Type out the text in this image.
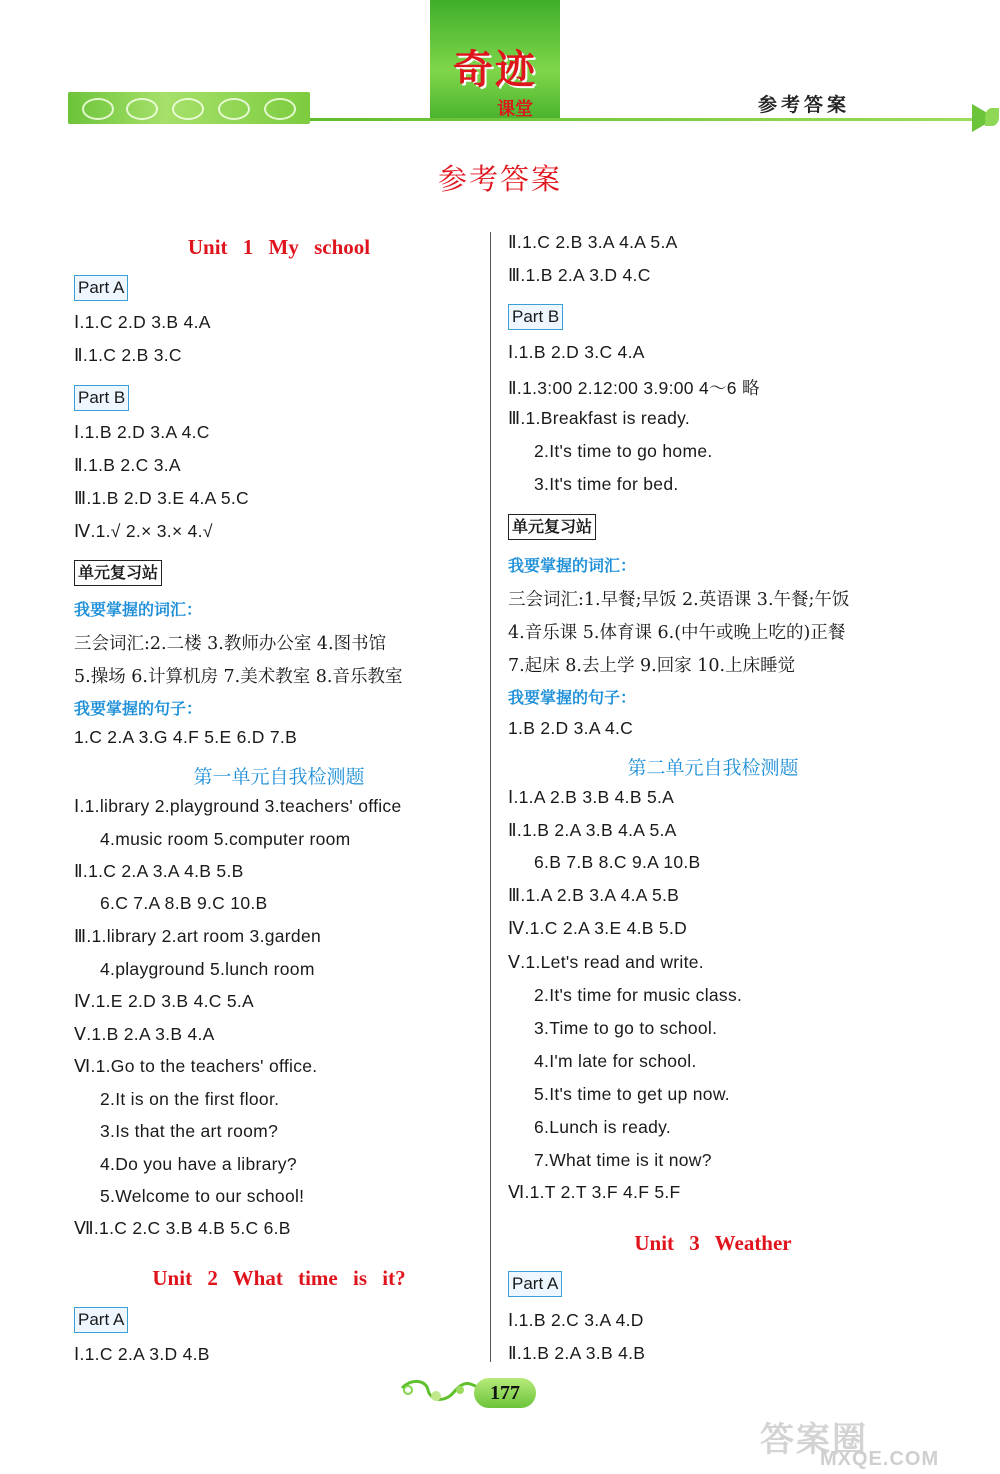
奇迹
课堂	参考答案
参考答案
Unit 1 My school
Part A
Ⅰ.1.C 2.D 3.B 4.A
Ⅱ.1.C 2.B 3.C
Part B
Ⅰ.1.B 2.D 3.A 4.C
Ⅱ.1.B 2.C 3.A
Ⅲ.1.B 2.D 3.E 4.A 5.C
Ⅳ.1.√ 2.× 3.× 4.√
单元复习站
我要掌握的词汇：
三会词汇:2.二楼 3.教师办公室 4.图书馆
5.操场 6.计算机房 7.美术教室 8.音乐教室
我要掌握的句子：
1.C 2.A 3.G 4.F 5.E 6.D 7.B
第一单元自我检测题
Ⅰ.1.library 2.playground 3.teachers' office
4.music room 5.computer room
Ⅱ.1.C 2.A 3.A 4.B 5.B
6.C 7.A 8.B 9.C 10.B
Ⅲ.1.library 2.art room 3.garden
4.playground 5.lunch room
Ⅳ.1.E 2.D 3.B 4.C 5.A
Ⅴ.1.B 2.A 3.B 4.A
Ⅵ.1.Go to the teachers' office.
2.It is on the first floor.
3.Is that the art room?
4.Do you have a library?
5.Welcome to our school!
Ⅶ.1.C 2.C 3.B 4.B 5.C 6.B
Unit 2 What time is it?
Part A
Ⅰ.1.C 2.A 3.D 4.B
Ⅱ.1.C 2.B 3.A 4.A 5.A
Ⅲ.1.B 2.A 3.D 4.C
Part B
Ⅰ.1.B 2.D 3.C 4.A
Ⅱ.1.3:00 2.12:00 3.9:00 4～6 略
Ⅲ.1.Breakfast is ready.
2.It's time to go home.
3.It's time for bed.
单元复习站
我要掌握的词汇：
三会词汇:1.早餐;早饭 2.英语课 3.午餐;午饭
4.音乐课 5.体育课 6.(中午或晚上吃的)正餐
7.起床 8.去上学 9.回家 10.上床睡觉
我要掌握的句子：
1.B 2.D 3.A 4.C
第二单元自我检测题
Ⅰ.1.A 2.B 3.B 4.B 5.A
Ⅱ.1.B 2.A 3.B 4.A 5.A
6.B 7.B 8.C 9.A 10.B
Ⅲ.1.A 2.B 3.A 4.A 5.B
Ⅳ.1.C 2.A 3.E 4.B 5.D
Ⅴ.1.Let's read and write.
2.It's time for music class.
3.Time to go to school.
4.I'm late for school.
5.It's time to get up now.
6.Lunch is ready.
7.What time is it now?
Ⅵ.1.T 2.T 3.F 4.F 5.F
Unit 3 Weather
Part A
Ⅰ.1.B 2.C 3.A 4.D
Ⅱ.1.B 2.A 3.B 4.B
177
答案圈
MXQE.COM
